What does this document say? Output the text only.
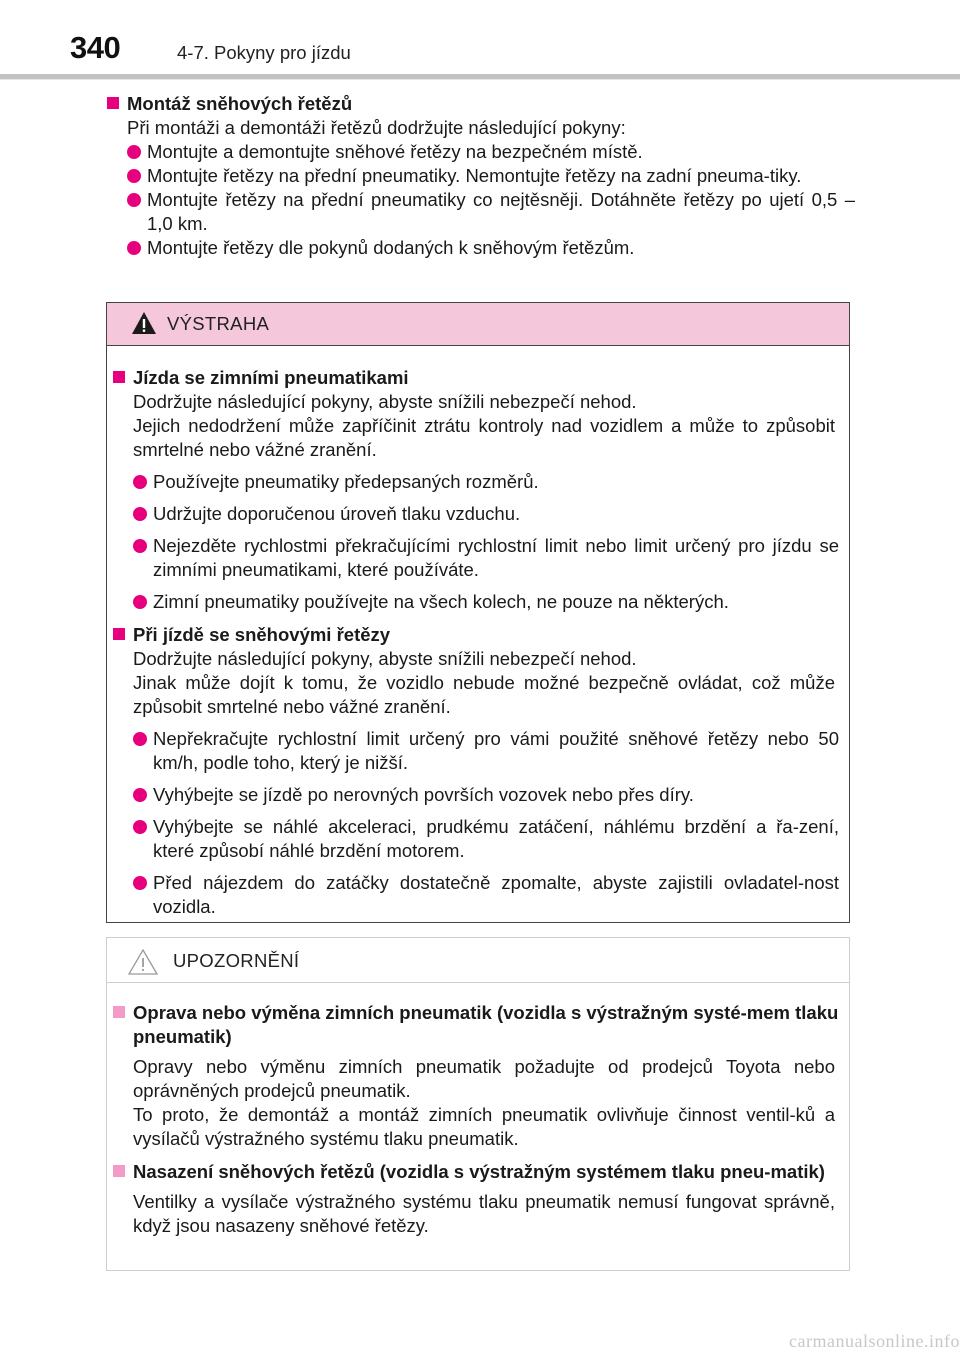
340	4-7. Pokyny pro jízdu
Montáž sněhových řetězů
Při montáži a demontáži řetězů dodržujte následující pokyny:
Montujte a demontujte sněhové řetězy na bezpečném místě.
Montujte řetězy na přední pneumatiky. Nemontujte řetězy na zadní pneuma-tiky.
Montujte řetězy na přední pneumatiky co nejtěsněji. Dotáhněte řetězy po ujetí 0,5 – 1,0 km.
Montujte řetězy dle pokynů dodaných k sněhovým řetězům.
VÝSTRAHA
Jízda se zimními pneumatikami
Dodržujte následující pokyny, abyste snížili nebezpečí nehod.
Jejich nedodržení může zapříčinit ztrátu kontroly nad vozidlem a může to způsobit smrtelné nebo vážné zranění.
Používejte pneumatiky předepsaných rozměrů.
Udržujte doporučenou úroveň tlaku vzduchu.
Nejezděte rychlostmi překračujícími rychlostní limit nebo limit určený pro jízdu se zimními pneumatikami, které používáte.
Zimní pneumatiky používejte na všech kolech, ne pouze na některých.
Při jízdě se sněhovými řetězy
Dodržujte následující pokyny, abyste snížili nebezpečí nehod.
Jinak může dojít k tomu, že vozidlo nebude možné bezpečně ovládat, což může způsobit smrtelné nebo vážné zranění.
Nepřekračujte rychlostní limit určený pro vámi použité sněhové řetězy nebo 50 km/h, podle toho, který je nižší.
Vyhýbejte se jízdě po nerovných površích vozovek nebo přes díry.
Vyhýbejte se náhlé akceleraci, prudkému zatáčení, náhlému brzdění a řa-zení, které způsobí náhlé brzdění motorem.
Před nájezdem do zatáčky dostatečně zpomalte, abyste zajistili ovladatel-nost vozidla.
UPOZORNĚNÍ
Oprava nebo výměna zimních pneumatik (vozidla s výstražným systé-mem tlaku pneumatik)
Opravy nebo výměnu zimních pneumatik požadujte od prodejců Toyota nebo oprávněných prodejců pneumatik.
To proto, že demontáž a montáž zimních pneumatik ovlivňuje činnost ventil-ků a vysílačů výstražného systému tlaku pneumatik.
Nasazení sněhových řetězů (vozidla s výstražným systémem tlaku pneu-matik)
Ventilky a vysílače výstražného systému tlaku pneumatik nemusí fungovat správně, když jsou nasazeny sněhové řetězy.
carmanualsonline.info
